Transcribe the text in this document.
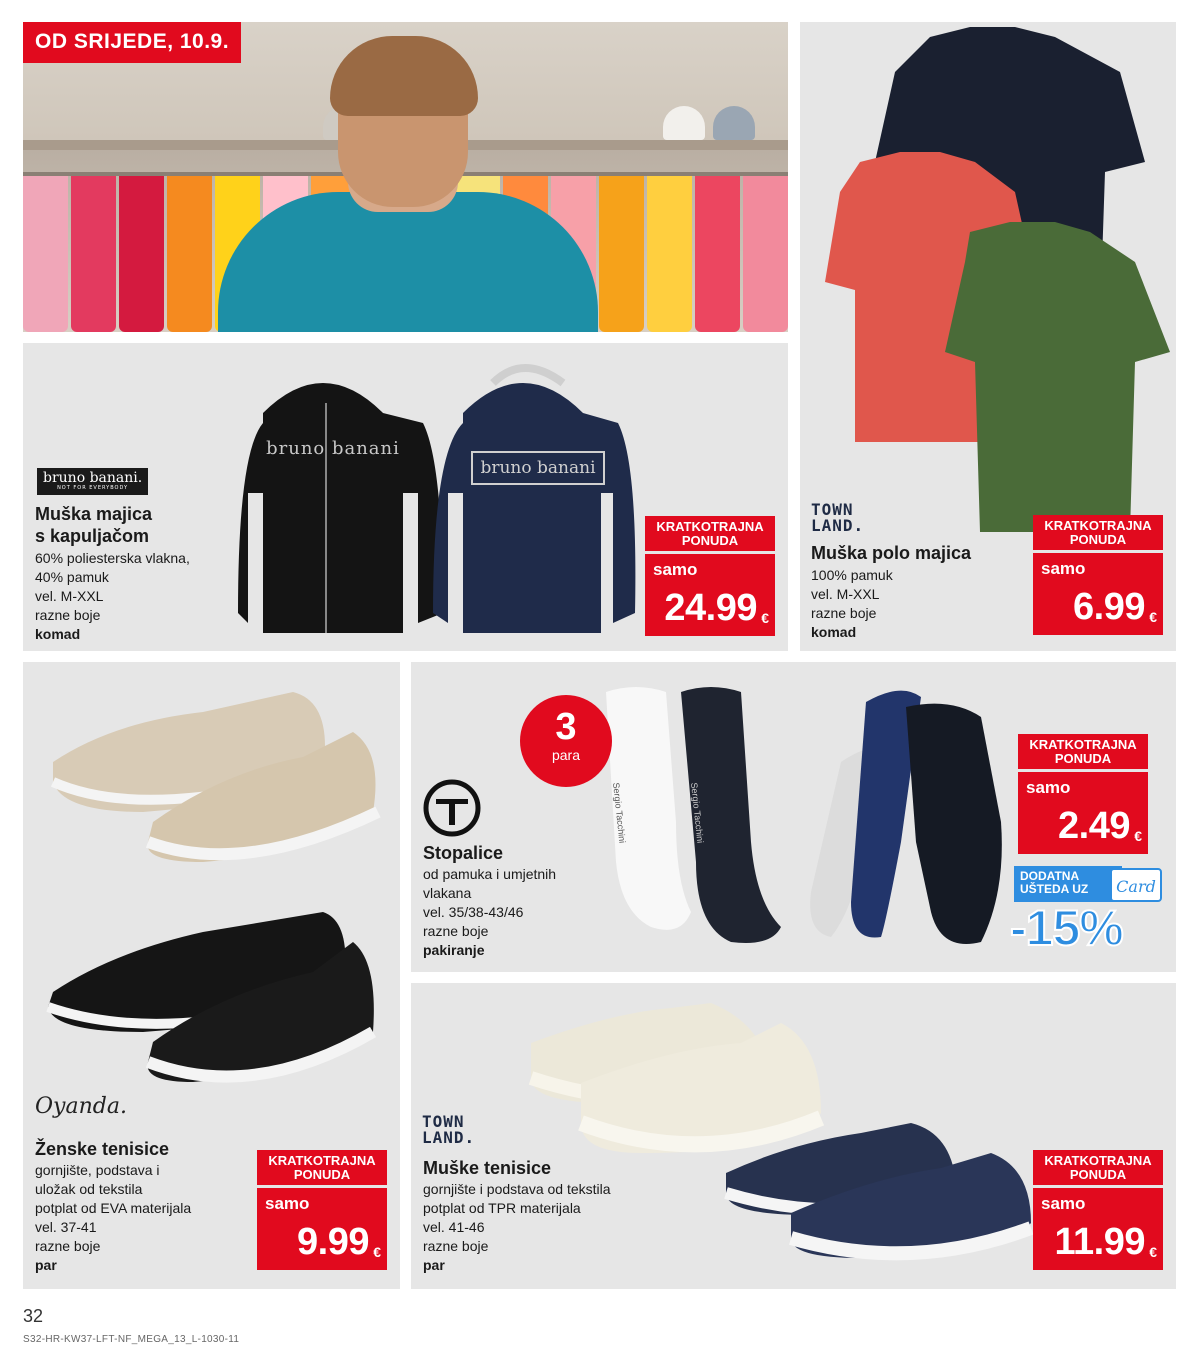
OD SRIJEDE, 10.9.
bruno banani
bruno banani
bruno banani.
NOT FOR EVERYBODY
Muška majica
s kapuljačom
60% poliesterska vlakna,
40% pamuk
vel. M-XXL
razne boje
komad
KRATKOTRAJNA PONUDA
samo
24.99 €
TOWN
LAND.
Muška polo majica
100% pamuk
vel. M-XXL
razne boje
komad
KRATKOTRAJNA PONUDA
samo
6.99 €
Oyanda.
Ženske tenisice
gornjište, podstava i
uložak od tekstila
potplat od EVA materijala
vel. 37-41
razne boje
par
KRATKOTRAJNA PONUDA
samo
9.99 €
Sergio Tacchini	Sergio Tacchini
Stopalice
od pamuka i umjetnih
vlakana
vel. 35/38-43/46
razne boje
pakiranje
KRATKOTRAJNA PONUDA
samo
2.49 €
3
para
DODATNA
UŠTEDA UZ	Card
-15%
TOWN
LAND.
Muške tenisice
gornjište i podstava od tekstila
potplat od TPR materijala
vel. 41-46
razne boje
par
KRATKOTRAJNA PONUDA
samo
11.99 €
32
S32-HR-KW37-LFT-NF_MEGA_13_L-1030-11
